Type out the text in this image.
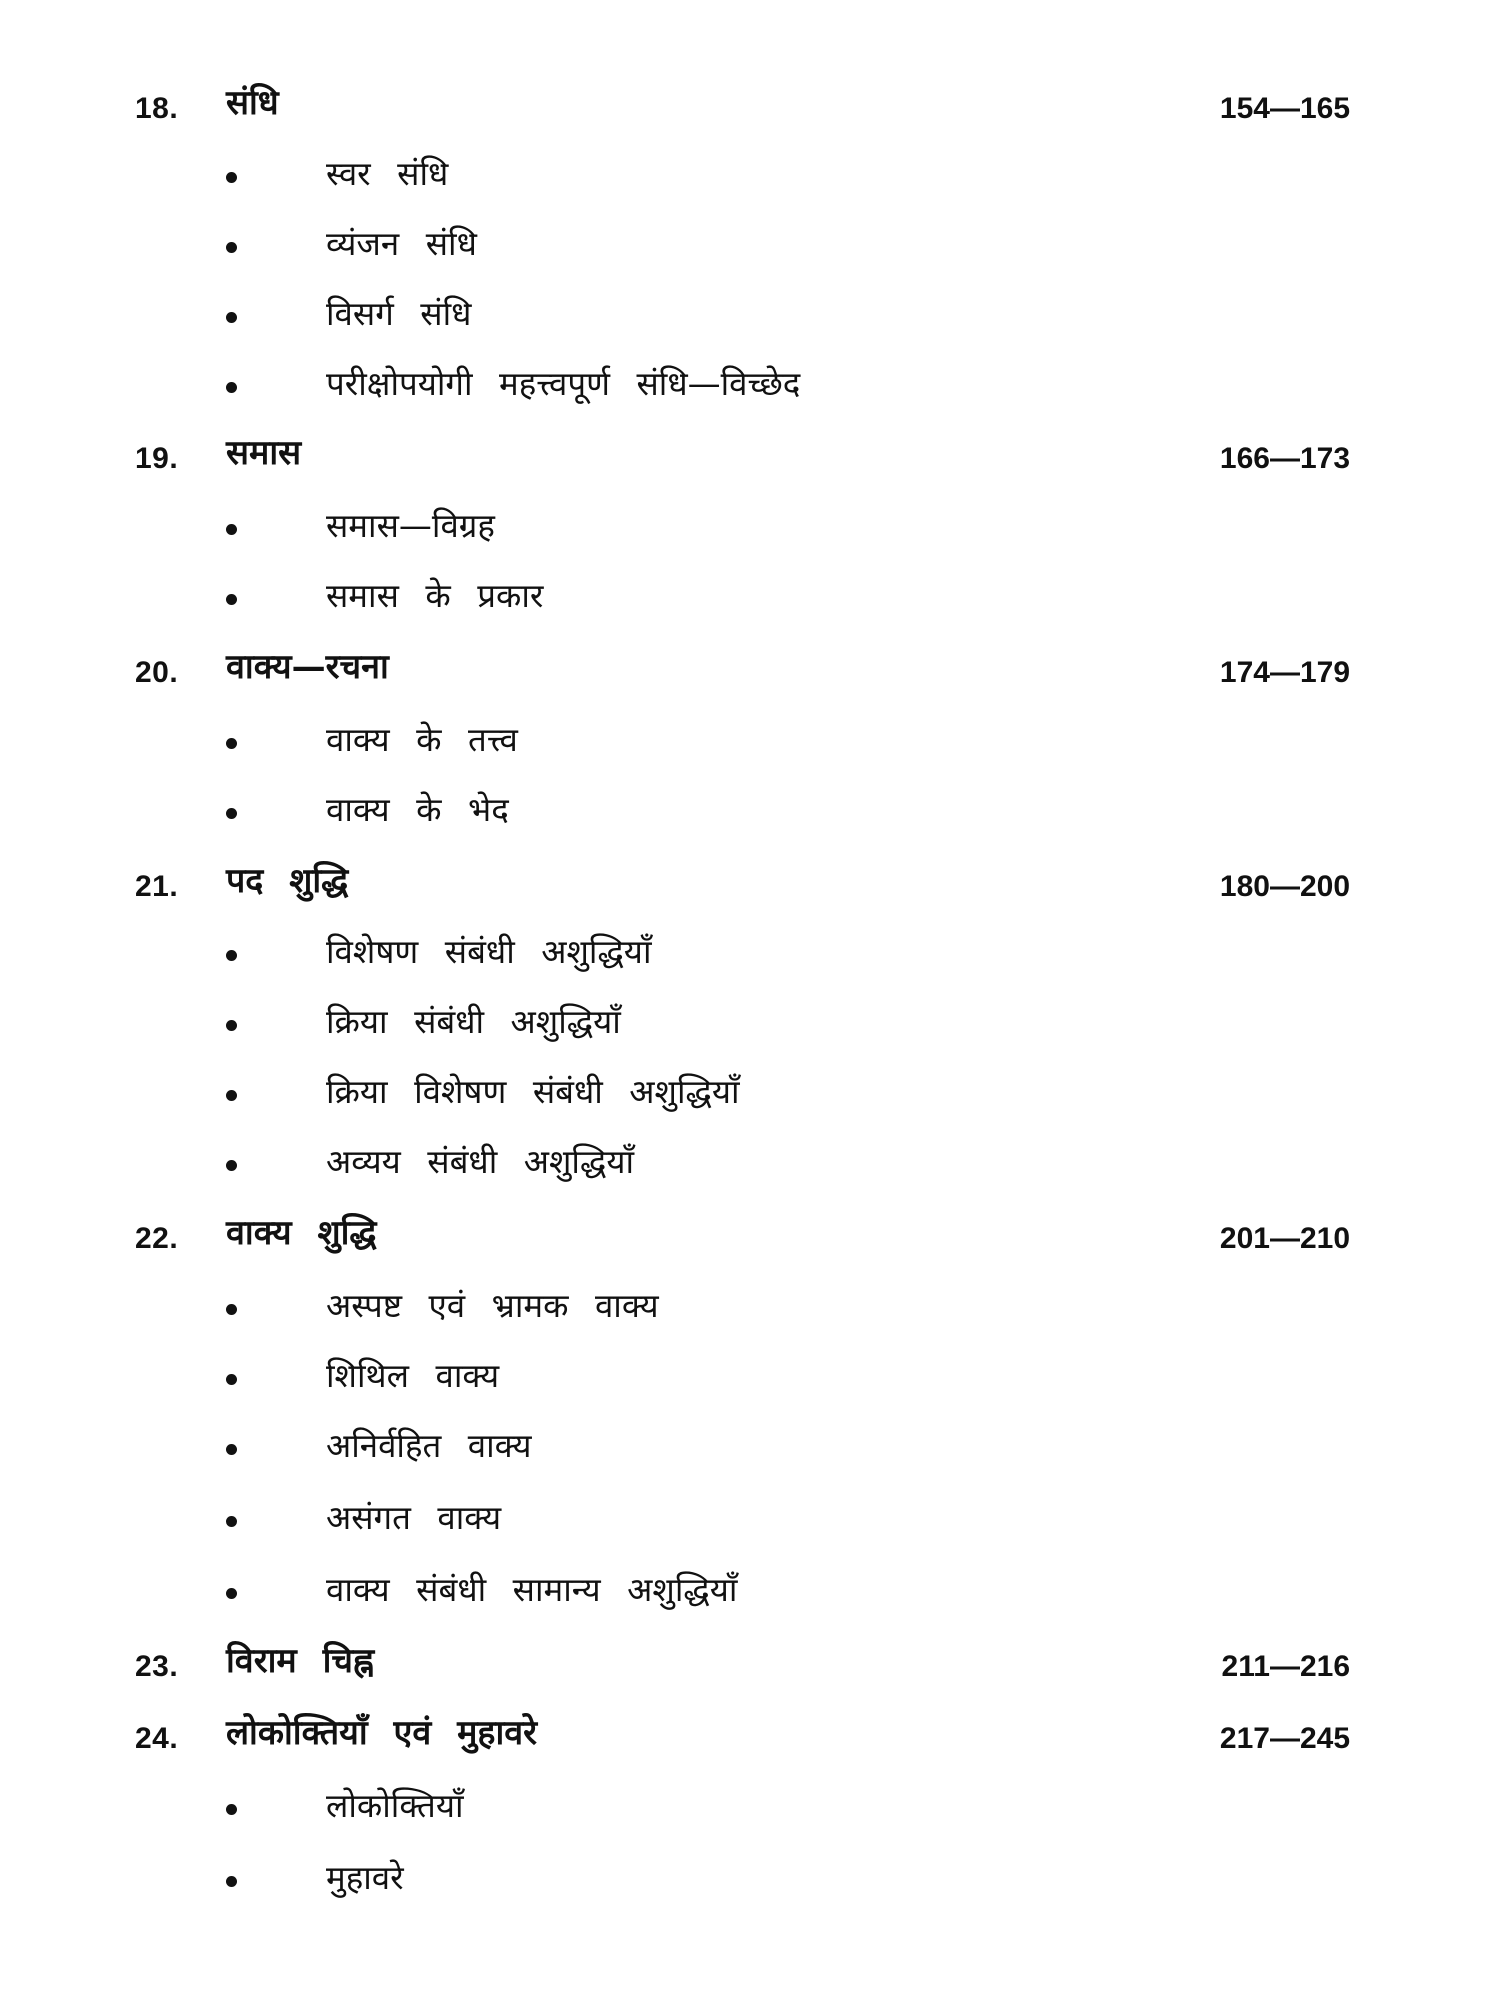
18. संधि	154—165
स्वर संधि
व्यंजन संधि
विसर्ग संधि
परीक्षोपयोगी महत्त्वपूर्ण संधि—विच्छेद
19. समास	166—173
समास—विग्रह
समास के प्रकार
20. वाक्य—रचना	174—179
वाक्य के तत्त्व
वाक्य के भेद
21. पद शुद्धि	180—200
विशेषण संबंधी अशुद्धियाँ
क्रिया संबंधी अशुद्धियाँ
क्रिया विशेषण संबंधी अशुद्धियाँ
अव्यय संबंधी अशुद्धियाँ
22. वाक्य शुद्धि	201—210
अस्पष्ट एवं भ्रामक वाक्य
शिथिल वाक्य
अनिर्वहित वाक्य
असंगत वाक्य
वाक्य संबंधी सामान्य अशुद्धियाँ
23. विराम चिह्न	211—216
24. लोकोक्तियाँ एवं मुहावरे	217—245
लोकोक्तियाँ
मुहावरे
